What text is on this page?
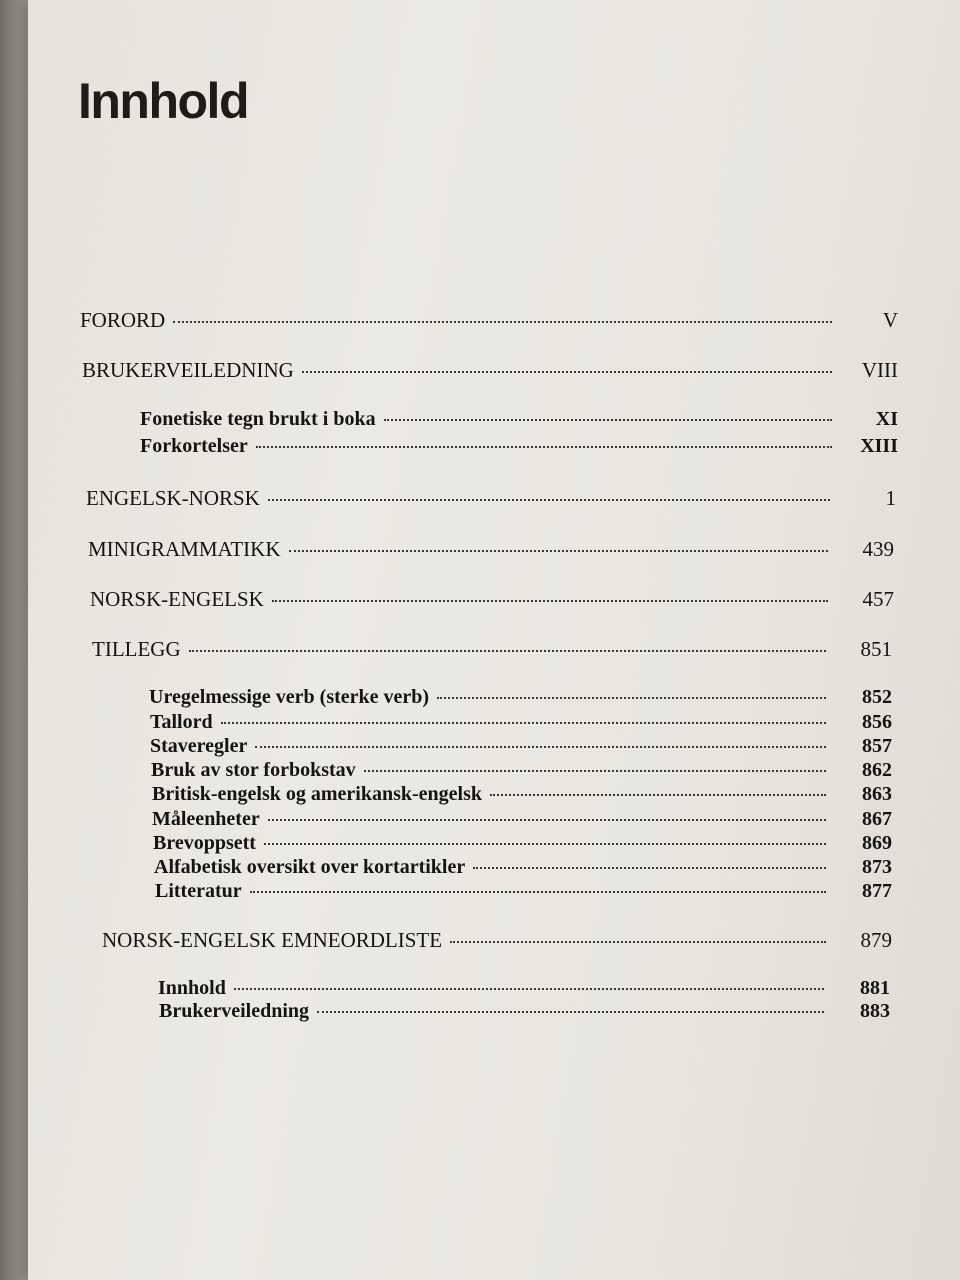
Innhold
FORORD	V
BRUKERVEILEDNING	VIII
Fonetiske tegn brukt i boka	XI
Forkortelser	XIII
ENGELSK-NORSK	1
MINIGRAMMATIKK	439
NORSK-ENGELSK	457
TILLEGG	851
Uregelmessige verb (sterke verb)	852
Tallord	856
Staveregler	857
Bruk av stor forbokstav	862
Britisk-engelsk og amerikansk-engelsk	863
Måleenheter	867
Brevoppsett	869
Alfabetisk oversikt over kortartikler	873
Litteratur	877
NORSK-ENGELSK EMNEORDLISTE	879
Innhold	881
Brukerveiledning	883
